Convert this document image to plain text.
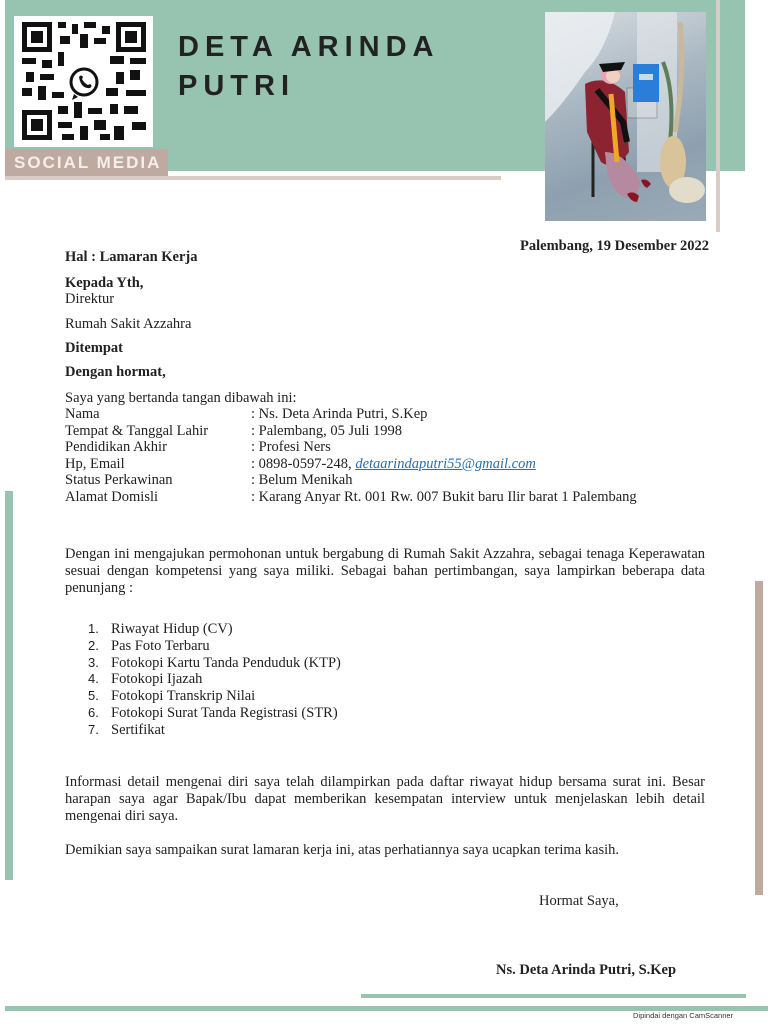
SOCIAL MEDIA
DETA ARINDA
PUTRI
Palembang, 19 Desember 2022
Hal : Lamaran Kerja
Kepada Yth,
Direktur
Rumah Sakit Azzahra
Ditempat
Dengan hormat,
Saya yang bertanda tangan dibawah ini:
Nama	: Ns. Deta Arinda Putri, S.Kep
Tempat & Tanggal Lahir	: Palembang, 05 Juli 1998
Pendidikan Akhir	: Profesi Ners
Hp, Email	: 0898-0597-248, detaarindaputri55@gmail.com
Status Perkawinan	: Belum Menikah
Alamat Domisli	: Karang Anyar Rt. 001 Rw. 007 Bukit baru Ilir barat 1 Palembang
Dengan ini mengajukan permohonan untuk bergabung di Rumah Sakit Azzahra, sebagai tenaga Keperawatan sesuai dengan kompetensi yang saya miliki. Sebagai bahan pertimbangan, saya lampirkan beberapa data penunjang :
1. Riwayat Hidup (CV)
2. Pas Foto Terbaru
3. Fotokopi Kartu Tanda Penduduk (KTP)
4. Fotokopi Ijazah
5. Fotokopi Transkrip Nilai
6. Fotokopi Surat Tanda Registrasi (STR)
7. Sertifikat
Informasi detail mengenai diri saya telah dilampirkan pada daftar riwayat hidup bersama surat ini. Besar harapan saya agar Bapak/Ibu dapat memberikan kesempatan interview untuk menjelaskan lebih detail mengenai diri saya.
Demikian saya sampaikan surat lamaran kerja ini, atas perhatiannya saya ucapkan terima kasih.
Hormat Saya,
Ns. Deta Arinda Putri, S.Kep
Dipindai dengan CamScanner
